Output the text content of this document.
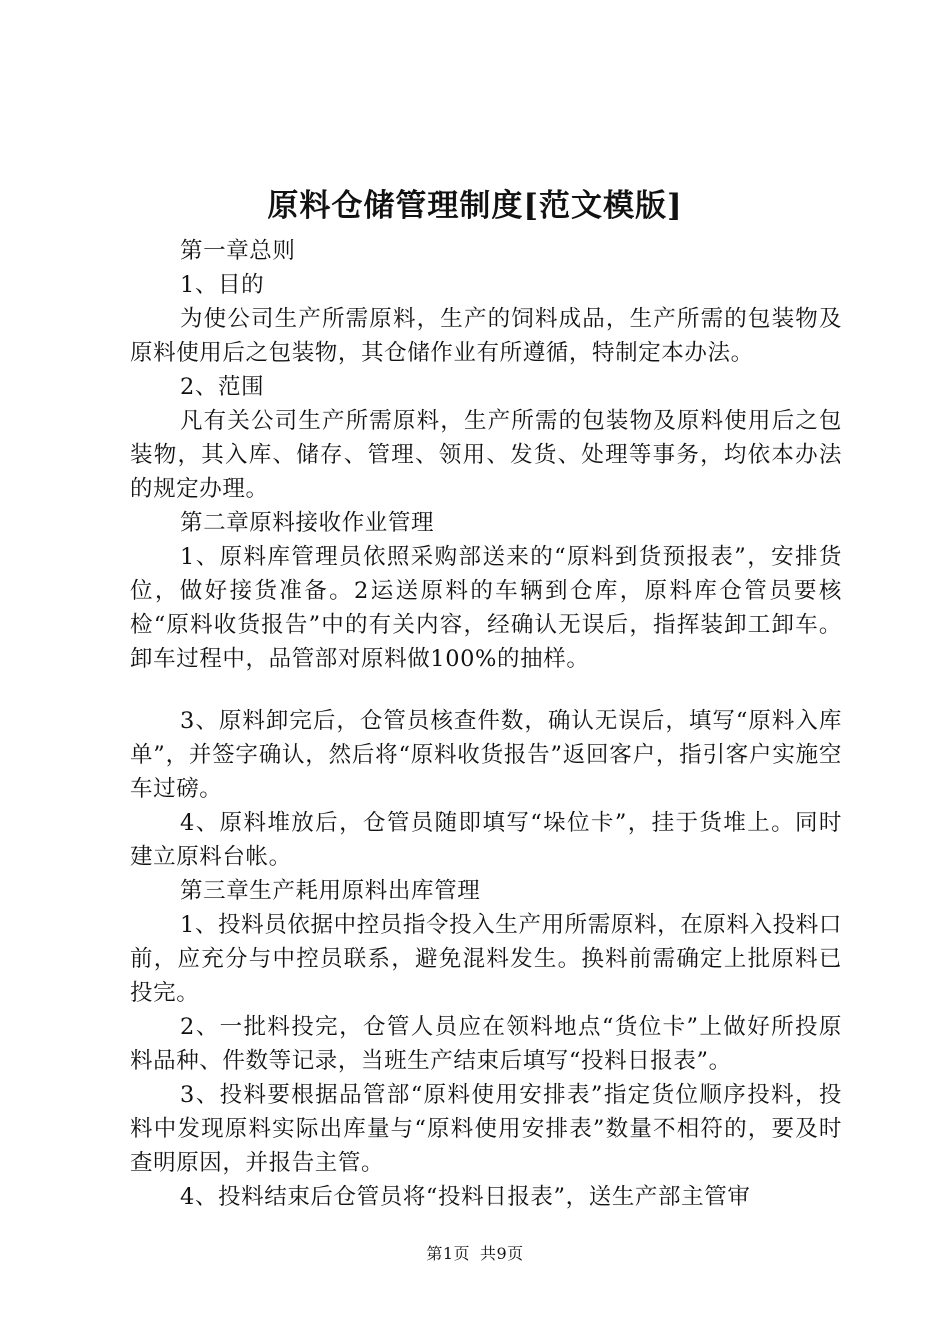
原料仓储管理制度[范文模版]

第一章总则

1、目的

为使公司生产所需原料，生产的饲料成品，生产所需的包装物及原料使用后之包装物，其仓储作业有所遵循，特制定本办法。

2、范围

凡有关公司生产所需原料，生产所需的包装物及原料使用后之包装物，其入库、储存、管理、领用、发货、处理等事务，均依本办法的规定办理。

第二章原料接收作业管理

1、原料库管理员依照采购部送来的“原料到货预报表”，安排货位，做好接货准备。2运送原料的车辆到仓库，原料库仓管员要核检“原料收货报告”中的有关内容，经确认无误后，指挥装卸工卸车。卸车过程中，品管部对原料做100%的抽样。

3、原料卸完后，仓管员核查件数，确认无误后，填写“原料入库单”，并签字确认，然后将“原料收货报告”返回客户，指引客户实施空车过磅。

4、原料堆放后，仓管员随即填写“垛位卡”，挂于货堆上。同时建立原料台帐。

第三章生产耗用原料出库管理

1、投料员依据中控员指令投入生产用所需原料，在原料入投料口前，应充分与中控员联系，避免混料发生。换料前需确定上批原料已投完。

2、一批料投完，仓管人员应在领料地点“货位卡”上做好所投原料品种、件数等记录，当班生产结束后填写“投料日报表”。

3、投料要根据品管部“原料使用安排表”指定货位顺序投料，投料中发现原料实际出库量与“原料使用安排表”数量不相符的，要及时查明原因，并报告主管。

4、投料结束后仓管员将“投料日报表”，送生产部主管审

第1页 共9页
